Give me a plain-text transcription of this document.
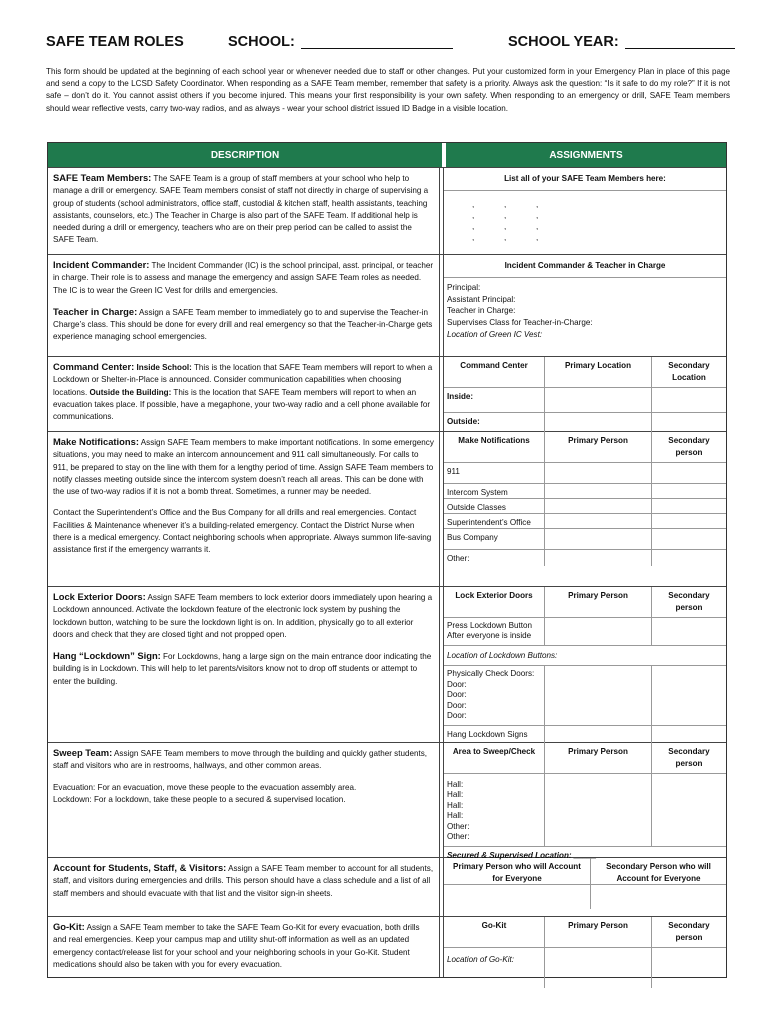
SAFE TEAM ROLES	SCHOOL:	SCHOOL YEAR:
This form should be updated at the beginning of each school year or whenever needed due to staff or other changes. Put your customized form in your Emergency Plan in place of this page and send a copy to the LCSD Safety Coordinator. When responding as a SAFE Team member, remember that safety is a priority. Always ask the question: “Is it safe to do my role?” If it is not safe – don’t do it. You cannot assist others if you become injured. This means your first responsibility is your own safety. When responding to an emergency or drill, SAFE Team members should wear reflective vests, carry two-way radios, and as always - wear your school district issued ID Badge in a visible location.
DESCRIPTION	ASSIGNMENTS
SAFE Team Members: The SAFE Team is a group of staff members at your school who help to manage a drill or emergency. SAFE Team members consist of staff not directly in charge of supervising a group of students (school administrators, office staff, custodial & kitchen staff, health assistants, teaching assistants, counselors, etc.) The Teacher in Charge is also part of the SAFE Team. If additional help is needed during a drill or emergency, teachers who are on their prep period can be called to assist the SAFE Team.
List all of your SAFE Team Members here:
,	,	,
,	,	,
,	,	,
,	,	,

Incident Commander: The Incident Commander (IC) is the school principal, asst. principal, or teacher in charge. Their role is to assess and manage the emergency and assign SAFE Team roles as needed. The IC is to wear the Green IC Vest for drills and emergencies.

Teacher in Charge: Assign a SAFE Team member to immediately go to and supervise the Teacher-in Charge’s class. This should be done for every drill and real emergency so that the Teacher-in-Charge gets experience managing school emergencies.

Incident Commander & Teacher in Charge
Principal:
Assistant Principal:
Teacher in Charge:
Supervises Class for Teacher-in-Charge:
Location of Green IC Vest:
Command Center: Inside School: This is the location that SAFE Team members will report to when a Lockdown or Shelter-in-Place is announced. Consider communication capabilities when choosing locations. Outside the Building: This is the location that SAFE Team members will report to when an evacuation takes place. If possible, have a megaphone, your two-way radio and a cell phone available for communications.
Command Center	Primary Location	Secondary Location
Inside:
Outside:

Make Notifications: Assign SAFE Team members to make important notifications. In some emergency situations, you may need to make an intercom announcement and 911 call simultaneously. For calls to 911, be prepared to stay on the line with them for a lengthy period of time. Assign SAFE Team members to notify classes meeting outside since the intercom system doesn’t reach all areas. This can be done with the use of two-way radios if it is not a bomb threat. Sometimes, a runner may be needed.

Contact the Superintendent’s Office and the Bus Company for all drills and real emergencies. Contact Facilities & Maintenance whenever it’s a building-related emergency. Contact the District Nurse when there is a medical emergency. Contact neighboring schools when appropriate. Always summon life-saving assistance first if the emergency warrants it.

Make Notifications	Primary Person	Secondary person
911
Intercom System
Outside Classes
Superintendent’s Office
Bus Company
Other:

Lock Exterior Doors: Assign SAFE Team members to lock exterior doors immediately upon hearing a Lockdown announced. Activate the lockdown feature of the electronic lock system by pushing the lockdown button, watching to be sure the lockdown light is on. In addition, physically go to all exterior doors and check that they are closed tight and not propped open.

Hang “Lockdown” Sign: For Lockdowns, hang a large sign on the main entrance door indicating the building is in Lockdown. This will help to let parents/visitors know not to drop off students or attempt to enter the building.

Lock Exterior Doors	Primary Person	Secondary person
Press Lockdown Button
After everyone is inside
Location of Lockdown Buttons:
Physically Check Doors:
Door:
Door:
Door:
Door:
Hang Lockdown Signs

Sweep Team: Assign SAFE Team members to move through the building and quickly gather students, staff and visitors who are in restrooms, hallways, and other common areas.

Evacuation: For an evacuation, move these people to the evacuation assembly area.

Lockdown: For a lockdown, take these people to a secured & supervised location.

Area to Sweep/Check	Primary Person	Secondary person
Hall:
Hall:
Hall:
Hall:
Other:
Other:
Secured & Supervised Location: _____
Account for Students, Staff, & Visitors: Assign a SAFE Team member to account for all students, staff, and visitors during emergencies and drills. This person should have a class schedule and a list of all staff members and should evacuate with that list and the visitor sign-in sheets.
Primary Person who will Account for Everyone
Secondary Person who will Account for Everyone
Go-Kit: Assign a SAFE Team member to take the SAFE Team Go-Kit for every evacuation, both drills and real emergencies. Keep your campus map and utility shut-off information as well as an updated emergency contact/release list for your school and your neighboring schools in your Go-Kit. Student medications should also be taken with you for every evacuation.
Go-Kit	Primary Person	Secondary person
Location of Go-Kit:
